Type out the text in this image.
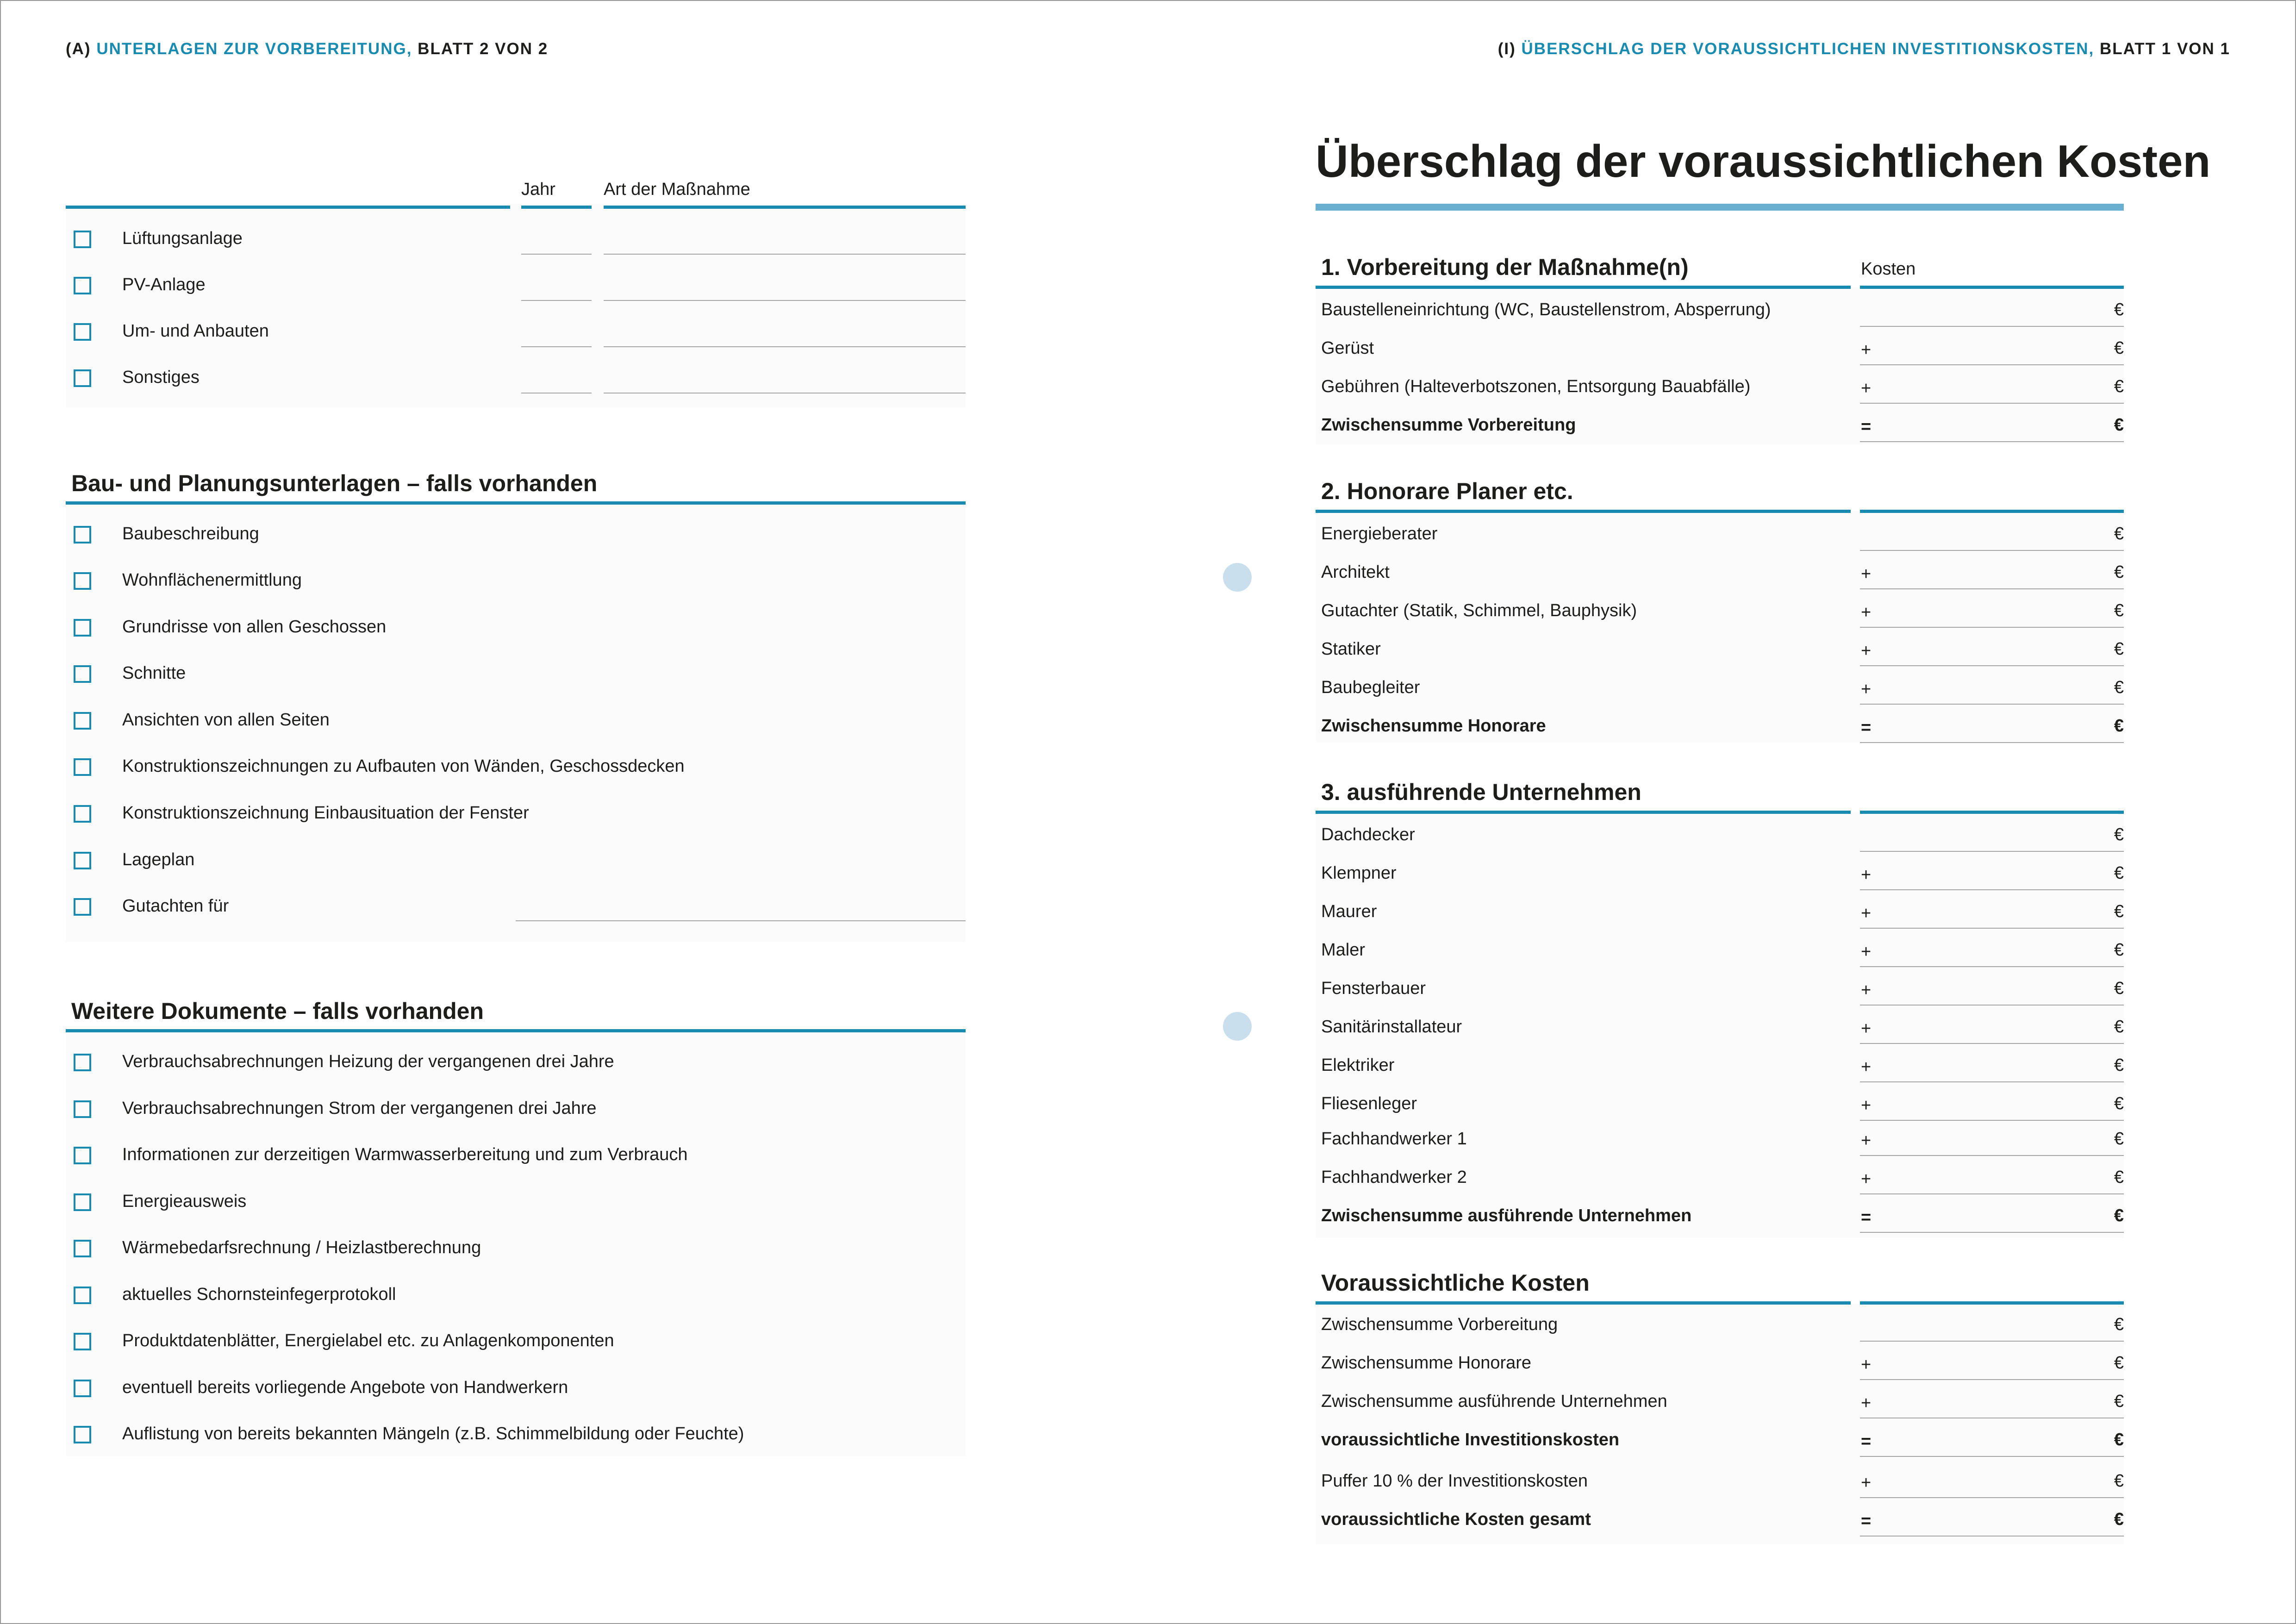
(A) UNTERLAGEN ZUR VORBEREITUNG, BLATT 2 VON 2	(I) ÜBERSCHLAG DER VORAUSSICHTLICHEN INVESTITIONSKOSTEN, BLATT 1 VON 1
Jahr	Art der Maßnahme
Lüftungsanlage
PV-Anlage
Um- und Anbauten
Sonstiges
Bau- und Planungsunterlagen – falls vorhanden
Baubeschreibung
Wohnflächenermittlung
Grundrisse von allen Geschossen
Schnitte
Ansichten von allen Seiten
Konstruktionszeichnungen zu Aufbauten von Wänden, Geschossdecken
Konstruktionszeichnung Einbausituation der Fenster
Lageplan
Gutachten für
Weitere Dokumente – falls vorhanden
Verbrauchsabrechnungen Heizung der vergangenen drei Jahre
Verbrauchsabrechnungen Strom der vergangenen drei Jahre
Informationen zur derzeitigen Warmwasserbereitung und zum Verbrauch
Energieausweis
Wärmebedarfsrechnung / Heizlastberechnung
aktuelles Schornsteinfegerprotokoll
Produktdatenblätter, Energielabel etc. zu Anlagenkomponenten
eventuell bereits vorliegende Angebote von Handwerkern
Auflistung von bereits bekannten Mängeln (z.B. Schimmelbildung oder Feuchte)
Überschlag der voraussichtlichen Kosten
1. Vorbereitung der Maßnahme(n)	Kosten
Baustelleneinrichtung (WC, Baustellenstrom, Absperrung)	€
Gerüst	+	€
Gebühren (Halteverbotszonen, Entsorgung Bauabfälle)	+	€
Zwischensumme Vorbereitung	=	€
2. Honorare Planer etc.
Energieberater	€
Architekt	+	€
Gutachter (Statik, Schimmel, Bauphysik)	+	€
Statiker	+	€
Baubegleiter	+	€
Zwischensumme Honorare	=	€
3. ausführende Unternehmen
Dachdecker	€
Klempner	+	€
Maurer	+	€
Maler	+	€
Fensterbauer	+	€
Sanitärinstallateur	+	€
Elektriker	+	€
Fliesenleger	+	€
Fachhandwerker 1	+	€
Fachhandwerker 2	+	€
Zwischensumme ausführende Unternehmen	=	€
Voraussichtliche Kosten
Zwischensumme Vorbereitung	€
Zwischensumme Honorare	+	€
Zwischensumme ausführende Unternehmen	+	€
voraussichtliche Investitionskosten	=	€
Puffer 10 % der Investitionskosten	+	€
voraussichtliche Kosten gesamt	=	€
